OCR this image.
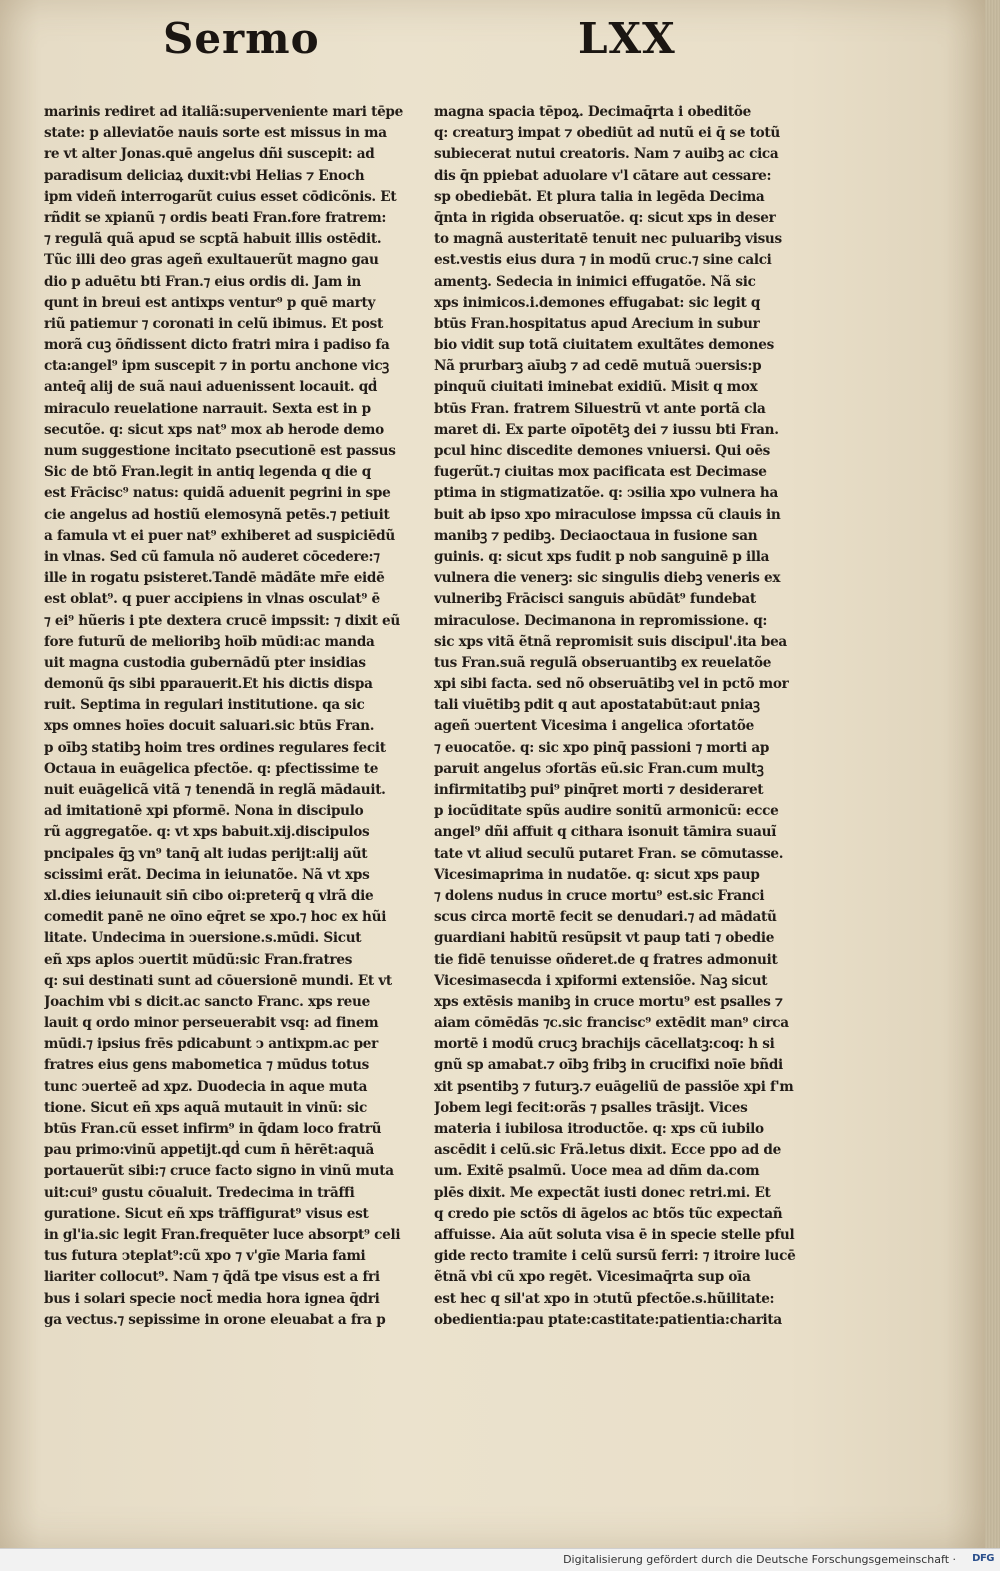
Sermo	LXX
marinis rediret ad italiã:superveniente mari tēpe
state: p alleviatõe nauis sorte est missus in ma
re vt alter Jonas.quē angelus dñi suscepit: ad
paradisum deliciaꝝ duxit:vbi Helias ⁊ Enoch
ipm videñ interrogarũt cuius esset cōdicõnis. Et
rñdit se xpianũ ⁊ ordis beati Fran.fore fratrem:
⁊ regulã quã apud se scptã habuit illis ostēdit.
Tũc illi deo gras ageñ exultauerũt magno gau
dio p aduētu bti Fran.⁊ eius ordis di. Jam in
qunt in breui est antixps ventur⁹ p quē marty
riũ patiemur ⁊ coronati in celũ ibimus. Et post
morã cuꝫ ōñdissent dicto fratri mira i padiso fa
cta:angel⁹ ipm suscepit ⁊ in portu anchone vicꝫ
anteq̄ alij de suã naui aduenissent locauit. qḋ
miraculo reuelatione narrauit. Sexta est in p
secutõe. q: sicut xps nat⁹ mox ab herode demo
num suggestione incitato psecutionē est passus
Sic de btõ Fran.legit in antiq legenda q die q
est Frācisc⁹ natus: quidã aduenit pegrini in spe
cie angelus ad hostiũ elemosynã petēs.⁊ petiuit
a famula vt ei puer nat⁹ exhiberet ad suspiciēdũ
in vlnas. Sed cũ famula nõ auderet cōcedere:⁊
ille in rogatu psisteret.Tandē mādãte mr̄e eidē
est oblat⁹. q puer accipiens in vlnas osculat⁹ ē
⁊ ei⁹ hũeris i pte dextera crucē impssit: ⁊ dixit eũ
fore futurũ de melioribꝫ hoīb mūdi:ac manda
uit magna custodia gubernādũ pter insidias
demonũ q̄s sibi pparauerit.Et his dictis dispa
ruit. Septima in regulari institutione. qa sic
xps omnes hoīes docuit saluari.sic btūs Fran.
p oībꝫ statibꝫ hoim tres ordines regulares fecit
Octaua in euāgelica pfectõe. q: pfectissime te
nuit euāgelicã vitã ⁊ tenendã in reglã mādauit.
ad imitationē xpi pformē. Nona in discipulo
rũ aggregatõe. q: vt xps babuit.xij.discipulos
pncipales q̄ꝫ vn⁹ tanq̄ alt iudas perijt:alij aũt
scissimi erãt. Decima in ieiunatõe. Nã vt xps
xl.dies ieiunauit sin̄ cibo oi:preterq̄ q vlrã die
comedit panē ne oīno eq̄ret se xpo.⁊ hoc ex hũi
litate. Undecima in ↄuersione.s.mūdi. Sicut
eñ xps aplos ↄuertit mūdũ:sic Fran.fratres
q: sui destinati sunt ad cōuersionē mundi. Et vt
Joachim vbi s dicit.ac sancto Franc. xps reue
lauit q ordo minor perseuerabit vsq: ad finem
mūdi.⁊ ipsius frēs pdicabunt ↄ antixpm.ac per
fratres eius gens mabometica ⁊ mūdus totus
tunc ↄuerteẽ ad xpz. Duodecia in aque muta
tione. Sicut eñ xps aquã mutauit in vinũ: sic
btūs Fran.cũ esset infirm⁹ in q̄dam loco fratrũ
pau primo:vinũ appetijt.qḋ cum n̄ hērēt:aquã
portauerũt sibi:⁊ cruce facto signo in vinũ muta
uit:cui⁹ gustu cōualuit. Tredecima in trāffi
guratione. Sicut eñ xps trāffigurat⁹ visus est
in gl'ia.sic legit Fran.frequēter luce absorpt⁹ celi
tus futura ↄteplat⁹:cũ xpo ⁊ v'gīe Maria fami
liariter collocut⁹. Nam ⁊ q̄dã tpe visus est a fri
bus i solari specie noct̄ media hora ignea q̄dri
ga vectus.⁊ sepissime in orone eleuabat a fra p
magna spacia tēpoꝝ. Decimaq̄rta i obeditõe
q: creaturꝫ impat ⁊ obediūt ad nutũ ei q̄ se totũ
subiecerat nutui creatoris. Nam ⁊ auibꝫ ac cica
dis q̄n ppiebat aduolare v'l cātare aut cessare:
sp obediebãt. Et plura talia in legēda Decima
q̄nta in rigida obseruatõe. q: sicut xps in deser
to magnã austeritatē tenuit nec puluaribꝫ visus
est.vestis eius dura ⁊ in modũ cruc.⁊ sine calci
amentꝫ. Sedecia in inimici effugatõe. Nã sic
xps inimicos.i.demones effugabat: sic legit q
btūs Fran.hospitatus apud Arecium in subur
bio vidit sup totã ciuitatem exultãtes demones
Nã prurbarꝫ aīubꝫ ⁊ ad cedē mutuã ↄuersis:p
pinquũ ciuitati iminebat exidiũ. Misit q mox
btūs Fran. fratrem Siluestrũ vt ante portã cla
maret di. Ex parte oīpotētꝫ dei ⁊ iussu bti Fran.
pcul hinc discedite demones vniuersi. Qui oēs
fugerũt.⁊ ciuitas mox pacificata est Decimase
ptima in stigmatizatõe. q: ↄsilia xpo vulnera ha
buit ab ipso xpo miraculose impssa cũ clauis in
manibꝫ ⁊ pedibꝫ. Deciaoctaua in fusione san
guinis. q: sicut xps fudit p nob sanguinē p illa
vulnera die venerꝫ: sic singulis diebꝫ veneris ex
vulneribꝫ Frācisci sanguis abūdāt⁹ fundebat
miraculose. Decimanona in repromissione. q:
sic xps vitã ẽtnã repromisit suis discipul'.ita bea
tus Fran.suã regulã obseruantibꝫ ex reuelatõe
xpi sibi facta. sed nõ obseruātibꝫ vel in pctõ mor
tali viuētibꝫ pdit q aut apostatabūt:aut pniaꝫ
ageñ ↄuertent Vicesima i angelica ↄfortatõe
⁊ euocatõe. q: sic xpo pinq̄ passioni ⁊ morti ap
paruit angelus ↄfortãs eũ.sic Fran.cum multꝫ
infirmitatibꝫ pui⁹ pinq̄ret morti ⁊ desideraret
p iocũditate spũs audire sonitũ armonicũ: ecce
angel⁹ dñi affuit q cithara isonuit tāmira suauĩ
tate vt aliud seculũ putaret Fran. se cōmutasse.
Vicesimaprima in nudatõe. q: sicut xps paup
⁊ dolens nudus in cruce mortu⁹ est.sic Franci
scus circa mortē fecit se denudari.⁊ ad mādatũ
guardiani habitũ resũpsit vt paup tati ⁊ obedie
tie fidē tenuisse oñderet.de q fratres admonuit
Vicesimasecda i xpiformi extensiõe. Naꝫ sicut
xps extēsis manibꝫ in cruce mortu⁹ est psalles ⁊
aiam cōmēdās ⁊c.sic francisc⁹ extēdit man⁹ circa
mortē i modũ crucꝫ brachijs cācellatꝫ:coq: h si
gnũ sp amabat.⁊ oībꝫ fribꝫ in crucifixi noīe bñdi
xit psentibꝫ ⁊ futurꝫ.⁊ euāgeliũ de passiõe xpi f'm
Jobem legi fecit:orãs ⁊ psalles trāsijt. Vices
materia i iubilosa itroductõe. q: xps cũ iubilo
ascēdit i celũ.sic Frã.letus dixit. Ecce ppo ad de
um. Exitẽ psalmũ. Uoce mea ad dñm da.com
plēs dixit. Me expectãt iusti donec retri.mi. Et
q credo pie sctõs di āgelos ac btõs tũc expectañ
affuisse. Aia aũt soluta visa ē in specie stelle pful
gide recto tramite i celũ sursũ ferri: ⁊ itroire lucē
ẽtnã vbi cũ xpo regēt. Vicesimaq̄rta sup oīa
est hec q sil'at xpo in ↄtutũ pfectõe.s.hũilitate:
obedientia:pau ptate:castitate:patientia:charita
Digitalisierung gefördert durch die Deutsche Forschungsgemeinschaft · DFG
